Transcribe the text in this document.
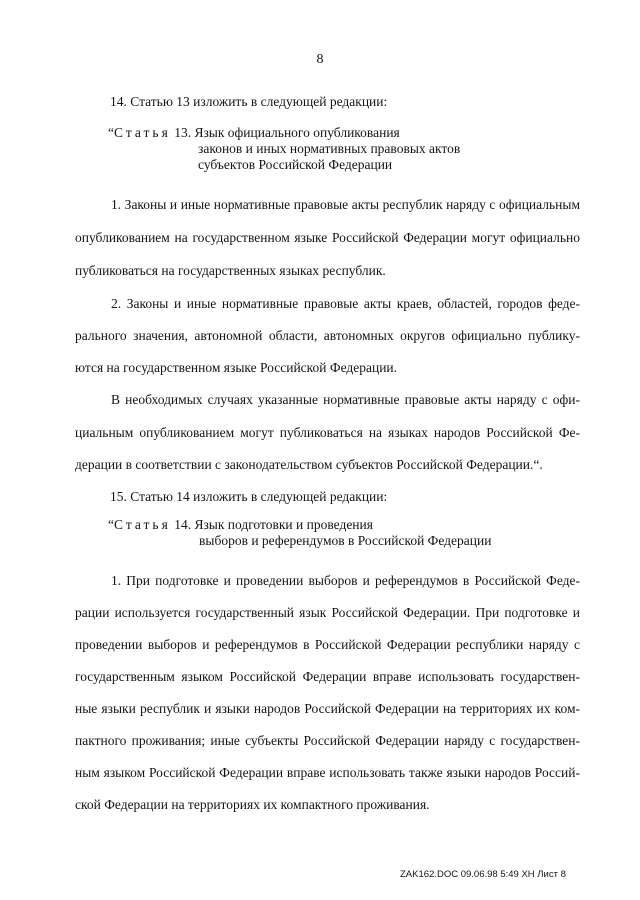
8
14. Статью 13 изложить в следующей редакции:
“Статья 13. Язык официального опубликования
законов и иных нормативных правовых актов
субъектов Российской Федерации
1. Законы и иные нормативные правовые акты республик наряду с официальным
опубликованием на государственном языке Российской Федерации могут официально
публиковаться на государственных языках республик.
2. Законы и иные нормативные правовые акты краев, областей, городов феде-
рального значения, автономной области, автономных округов официально публику-
ются на государственном языке Российской Федерации.
В необходимых случаях указанные нормативные правовые акты наряду с офи-
циальным опубликованием могут публиковаться на языках народов Российской Фе-
дерации в соответствии с законодательством субъектов Российской Федерации.“.
15. Статью 14 изложить в следующей редакции:
“Статья 14. Язык подготовки и проведения
выборов и референдумов в Российской Федерации
1. При подготовке и проведении выборов и референдумов в Российской Феде-
рации используется государственный язык Российской Федерации. При подготовке и
проведении выборов и референдумов в Российской Федерации республики наряду с
государственным языком Российской Федерации вправе использовать государствен-
ные языки республик и языки народов Российской Федерации на территориях их ком-
пактного проживания; иные субъекты Российской Федерации наряду с государствен-
ным языком Российской Федерации вправе использовать также языки народов Россий-
ской Федерации на территориях их компактного проживания.
ZAK162.DOC 09.06.98 5:49 ХН Лист 8
